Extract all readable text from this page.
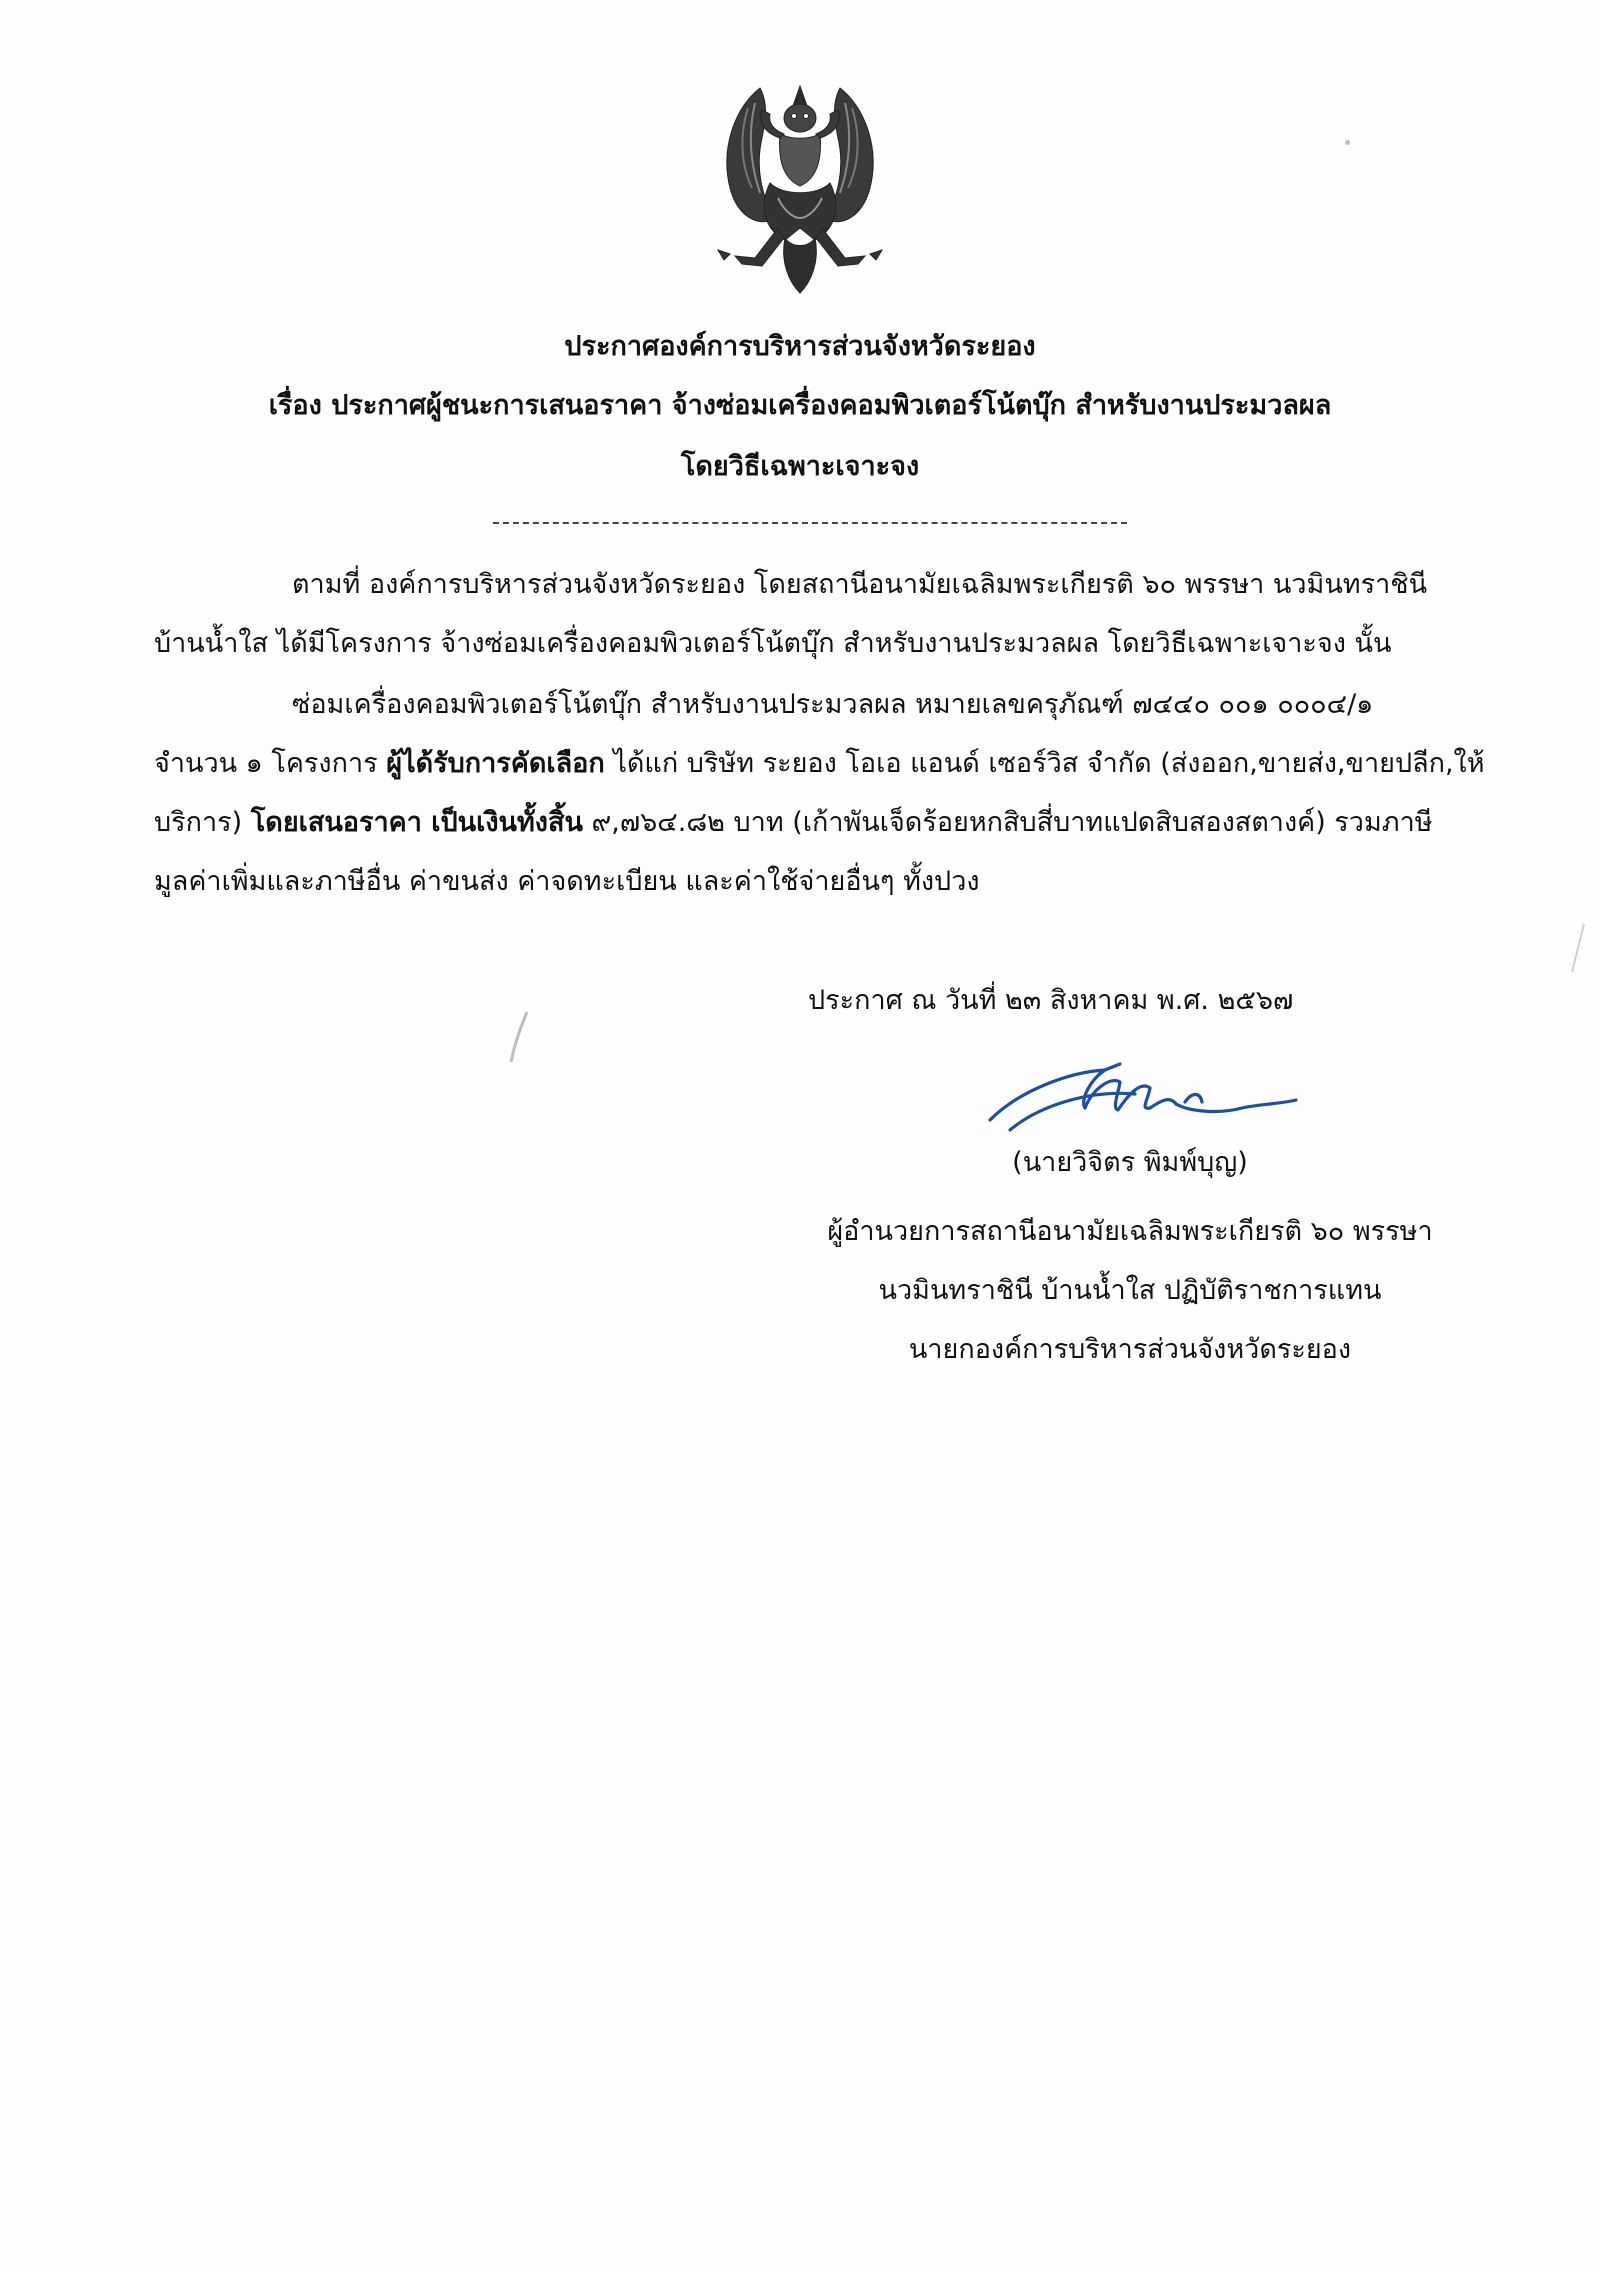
ประกาศองค์การบริหารส่วนจังหวัดระยอง
เรื่อง ประกาศผู้ชนะการเสนอราคา จ้างซ่อมเครื่องคอมพิวเตอร์โน้ตบุ๊ก สำหรับงานประมวลผล
โดยวิธีเฉพาะเจาะจง
ตามที่ องค์การบริหารส่วนจังหวัดระยอง โดยสถานีอนามัยเฉลิมพระเกียรติ ๖๐ พรรษา นวมินทราชินี
บ้านน้ำใส ได้มีโครงการ จ้างซ่อมเครื่องคอมพิวเตอร์โน้ตบุ๊ก สำหรับงานประมวลผล โดยวิธีเฉพาะเจาะจง นั้น
ซ่อมเครื่องคอมพิวเตอร์โน้ตบุ๊ก สำหรับงานประมวลผล หมายเลขครุภัณฑ์ ๗๔๔๐ ๐๐๑ ๐๐๐๔/๑
จำนวน ๑ โครงการ ผู้ได้รับการคัดเลือก ได้แก่ บริษัท ระยอง โอเอ แอนด์ เซอร์วิส จำกัด (ส่งออก,ขายส่ง,ขายปลีก,ให้
บริการ) โดยเสนอราคา เป็นเงินทั้งสิ้น ๙,๗๖๔.๘๒ บาท (เก้าพันเจ็ดร้อยหกสิบสี่บาทแปดสิบสองสตางค์) รวมภาษี
มูลค่าเพิ่มและภาษีอื่น ค่าขนส่ง ค่าจดทะเบียน และค่าใช้จ่ายอื่นๆ ทั้งปวง
ประกาศ ณ วันที่ ๒๓ สิงหาคม พ.ศ. ๒๕๖๗
(นายวิจิตร พิมพ์บุญ)
ผู้อำนวยการสถานีอนามัยเฉลิมพระเกียรติ ๖๐ พรรษา
นวมินทราชินี บ้านน้ำใส ปฏิบัติราชการแทน
นายกองค์การบริหารส่วนจังหวัดระยอง
